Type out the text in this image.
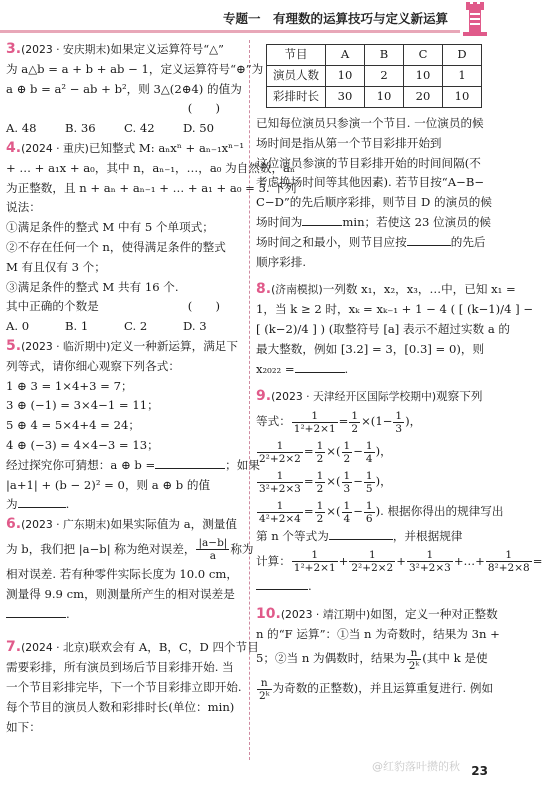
专题一　有理数的运算技巧与定义新运算
3.(2023 · 安庆期末)如果定义运算符号“△”
为 a△b = a + b + ab − 1，定义运算符号“⊕”为
a ⊕ b = a² − ab + b²，则 3△(2⊕4) 的值为
(　　)
A. 48	B. 36	C. 42	D. 50
4.(2024 · 重庆)已知整式 M: aₙxⁿ + aₙ₋₁xⁿ⁻¹
+ … + a₁x + a₀，其中 n，aₙ₋₁，…，a₀ 为自然数，aₙ
为正整数，且 n + aₙ + aₙ₋₁ + … + a₁ + a₀ = 5. 下列
说法：
①满足条件的整式 M 中有 5 个单项式；
②不存在任何一个 n，使得满足条件的整式
M 有且仅有 3 个；
③满足条件的整式 M 共有 16 个.
其中正确的个数是	(　　)
A. 0	B. 1	C. 2	D. 3
5.(2023 · 临沂期中)定义一种新运算，满足下
列等式，请你细心观察下列各式：
1 ⊕ 3 = 1×4+3 = 7；
3 ⊕ (−1) = 3×4−1 = 11；
5 ⊕ 4 = 5×4+4 = 24；
4 ⊕ (−3) = 4×4−3 = 13；
经过探究你可猜想：a ⊕ b =	；如果
|a+1| + (b − 2)² = 0，则 a ⊕ b 的值
为	.
6.(2023 · 广东期末)如果实际值为 a，测量值
为 b，我们把 |a−b| 称为绝对误差， $\frac{|a-b|}{a}$ 称为
相对误差. 若有种零件实际长度为 10.0 cm，
测量得 9.9 cm，则测量所产生的相对误差是
.
7.(2024 · 北京)联欢会有 A，B，C，D 四个节目
需要彩排，所有演员到场后节目彩排开始. 当
一个节目彩排完毕，下一个节目彩排立即开始.
每个节目的演员人数和彩排时长(单位：min)
如下：
节目	A	B	C	D
演员人数	10	2	10	1
彩排时长	30	10	20	10
已知每位演员只参演一个节目. 一位演员的候
场时间是指从第一个节目彩排开始到
这位演员参演的节目彩排开始的时间间隔(不
考虑换场时间等其他因素). 若节目按“A−B−
C−D”的先后顺序彩排，则节目 D 的演员的候
场时间为	min；若使这 23 位演员的候
场时间之和最小，则节目应按	的先后
顺序彩排.
8.(济南模拟)一列数 x₁，x₂，x₃，…中，已知 x₁ =
1，当 k ≥ 2 时，xₖ = xₖ₋₁ + 1 − 4 ( [ (k−1)/4 ] −
[ (k−2)/4 ] ) (取整符号 [a] 表示不超过实数 a 的
最大整数，例如 [3.2] = 3，[0.3] = 0)，则
x₂₀₂₂ =	.
9.(2023 · 天津经开区国际学校期中)观察下列
等式： $\frac{1}{\text{1²+2×1}} = \frac{1}{2}$ ×( $1 - \frac{1}{3}$ )，
$\frac{1}{\text{2²+2×2}} = \frac{1}{2}$ ×( $\frac{1}{2} - \frac{1}{4}$ )，
$\frac{1}{\text{3²+2×3}} = \frac{1}{2}$ ×( $\frac{1}{3} - \frac{1}{5}$ )，
$\frac{1}{\text{4²+2×4}} = \frac{1}{2}$ ×( $\frac{1}{4} - \frac{1}{6}$ ) . 根据你得出的规律写出
第 n 个等式为	，并根据规律
计算： $\frac{1}{\text{1²+2×1}} + \frac{1}{\text{2²+2×2}} + \frac{1}{\text{3²+2×3}}$ +…+ $\frac{1}{\text{8²+2×8}}$ =
.
10.(2023 · 靖江期中)如图，定义一种对正整数
n 的“F 运算”：①当 n 为奇数时，结果为 3n +
5；②当 n 为偶数时，结果为 $\frac{n}{\text{2ᵏ}}$ (其中 k 是使
$\frac{n}{\text{2ᵏ}}$ 为奇数的正整数)，并且运算重复进行. 例如
@红豹落叶攒的秋 23
